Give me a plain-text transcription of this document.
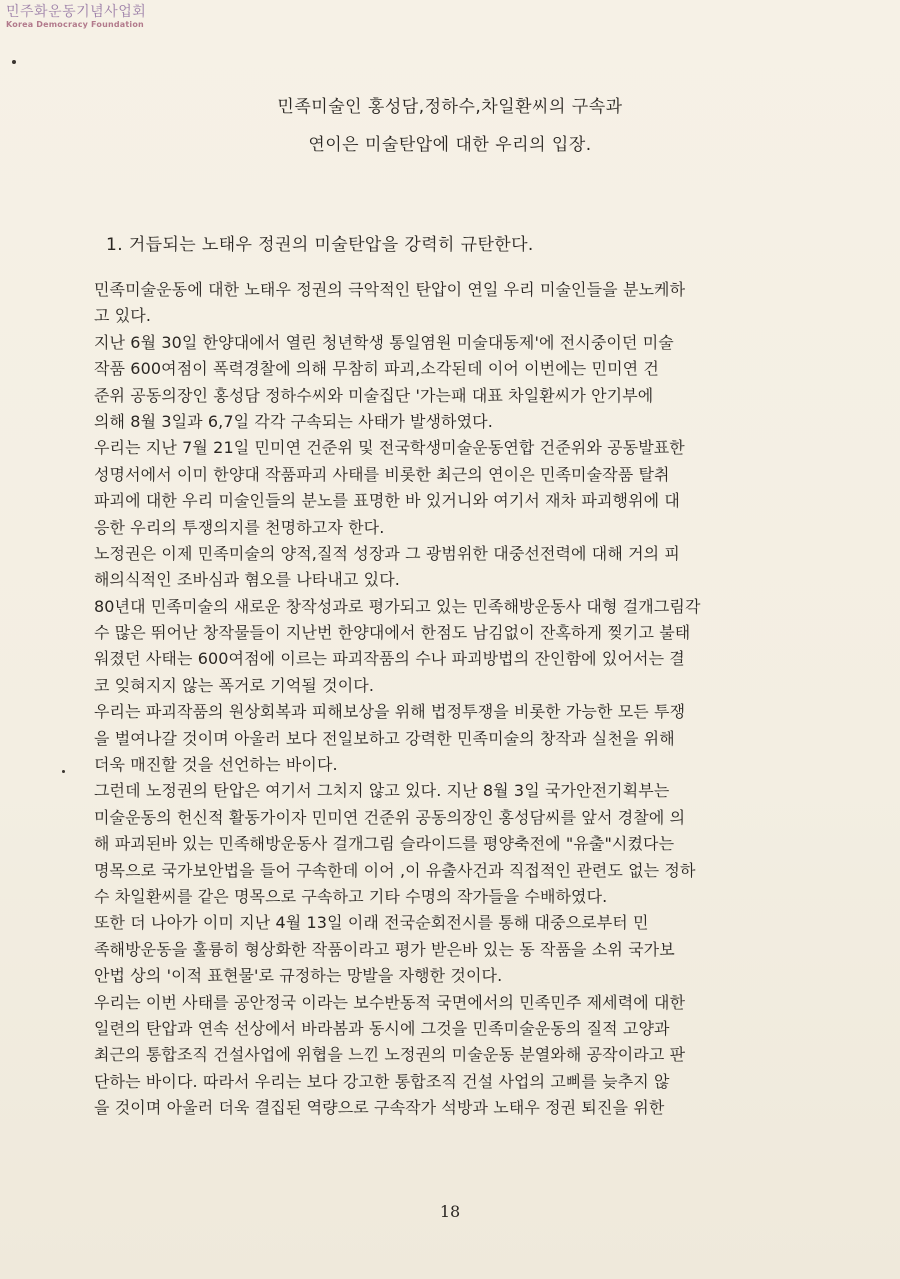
민주화운동기념사업회
Korea Democracy Foundation
민족미술인 홍성담,정하수,차일환씨의 구속과
연이은 미술탄압에 대한 우리의 입장.
1. 거듭되는 노태우 정권의 미술탄압을 강력히 규탄한다.
민족미술운동에 대한 노태우 정권의 극악적인 탄압이 연일 우리 미술인들을 분노케하
고 있다.
지난 6월 30일 한양대에서 열린 청년학생 통일염원 미술대동제'에 전시중이던 미술
작품 600여점이 폭력경찰에 의해 무참히 파괴,소각된데 이어 이번에는 민미연 건
준위 공동의장인 홍성담 정하수씨와 미술집단 '가는패 대표 차일환씨가 안기부에
의해 8월 3일과 6,7일 각각 구속되는 사태가 발생하였다.
우리는 지난 7월 21일 민미연 건준위 및 전국학생미술운동연합 건준위와 공동발표한
성명서에서 이미 한양대 작품파괴 사태를 비롯한 최근의 연이은 민족미술작품 탈취
파괴에 대한 우리 미술인들의 분노를 표명한 바 있거니와 여기서 재차 파괴행위에 대
응한 우리의 투쟁의지를 천명하고자 한다.
노정권은 이제 민족미술의 양적,질적 성장과 그 광범위한 대중선전력에 대해 거의 피
해의식적인 조바심과 혐오를 나타내고 있다.
80년대 민족미술의 새로운 창작성과로 평가되고 있는 민족해방운동사 대형 걸개그림각
수 많은 뛰어난 창작물들이 지난번 한양대에서 한점도 남김없이 잔혹하게 찢기고 불태
워졌던 사태는 600여점에 이르는 파괴작품의 수나 파괴방법의 잔인함에 있어서는 결
코 잊혀지지 않는 폭거로 기억될 것이다.
우리는 파괴작품의 원상회복과 피해보상을 위해 법정투쟁을 비롯한 가능한 모든 투쟁
을 벌여나갈 것이며 아울러 보다 전일보하고 강력한 민족미술의 창작과 실천을 위해
더욱 매진할 것을 선언하는 바이다.
그런데 노정권의 탄압은 여기서 그치지 않고 있다. 지난 8월 3일 국가안전기획부는
미술운동의 헌신적 활동가이자 민미연 건준위 공동의장인 홍성담씨를 앞서 경찰에 의
해 파괴된바 있는 민족해방운동사 걸개그림 슬라이드를 평양축전에 "유출"시켰다는
명목으로 국가보안법을 들어 구속한데 이어 ,이 유출사건과 직접적인 관련도 없는 정하
수 차일환씨를 같은 명목으로 구속하고 기타 수명의 작가들을 수배하였다.
또한 더 나아가 이미 지난 4월 13일 이래 전국순회전시를 통해 대중으로부터 민
족해방운동을 훌륭히 형상화한 작품이라고 평가 받은바 있는 동 작품을 소위 국가보
안법 상의 '이적 표현물'로 규정하는 망발을 자행한 것이다.
우리는 이번 사태를 공안정국 이라는 보수반동적 국면에서의 민족민주 제세력에 대한
일련의 탄압과 연속 선상에서 바라봄과 동시에 그것을 민족미술운동의 질적 고양과
최근의 통합조직 건설사업에 위협을 느낀 노정권의 미술운동 분열와해 공작이라고 판
단하는 바이다. 따라서 우리는 보다 강고한 통합조직 건설 사업의 고삐를 늦추지 않
을 것이며 아울러 더욱 결집된 역량으로 구속작가 석방과 노태우 정권 퇴진을 위한
18
